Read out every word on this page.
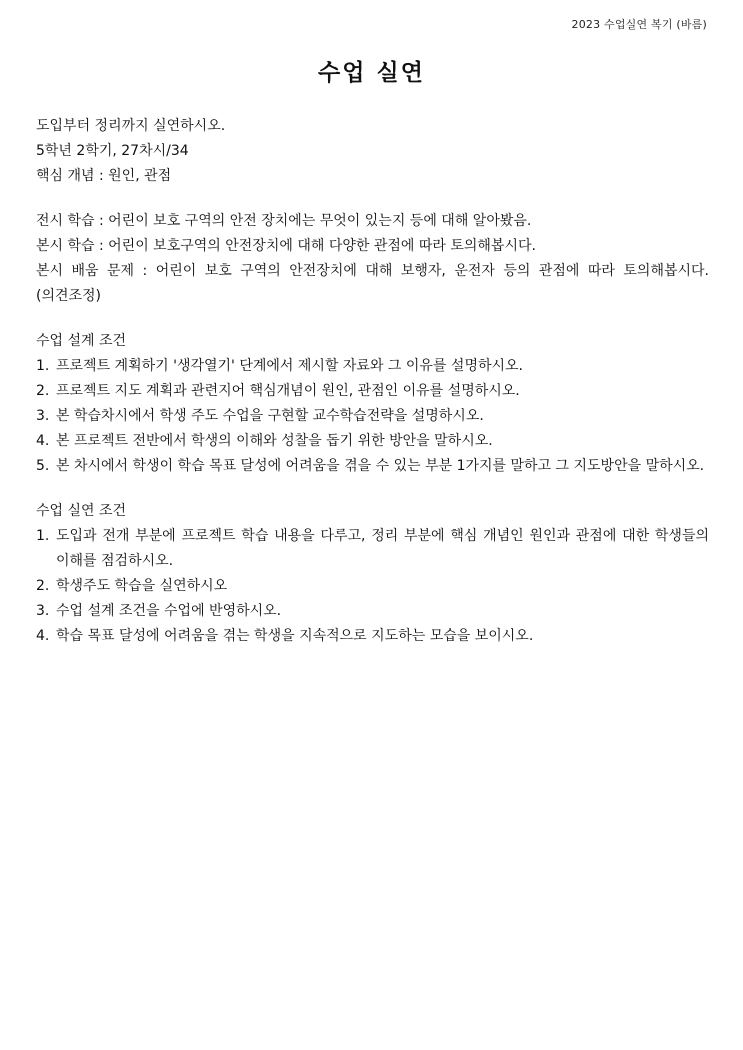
2023 수업실연 복기 (바름)
수업 실연

도입부터 정리까지 실연하시오.

5학년 2학기, 27차시/34

핵심 개념 : 원인, 관점

전시 학습 : 어린이 보호 구역의 안전 장치에는 무엇이 있는지 등에 대해 알아봤음.

본시 학습 : 어린이 보호구역의 안전장치에 대해 다양한 관점에 따라 토의해봅시다.

본시 배움 문제 : 어린이 보호 구역의 안전장치에 대해 보행자, 운전자 등의 관점에 따라 토의해봅시다. (의견조정)

수업 설계 조건

1. 프로젝트 계획하기 '생각열기' 단계에서 제시할 자료와 그 이유를 설명하시오.
2. 프로젝트 지도 계획과 관련지어 핵심개념이 원인, 관점인 이유를 설명하시오.
3. 본 학습차시에서 학생 주도 수업을 구현할 교수학습전략을 설명하시오.
4. 본 프로젝트 전반에서 학생의 이해와 성찰을 돕기 위한 방안을 말하시오.
5. 본 차시에서 학생이 학습 목표 달성에 어려움을 겪을 수 있는 부분 1가지를 말하고 그 지도방안을 말하시오.

수업 실연 조건

1. 도입과 전개 부분에 프로젝트 학습 내용을 다루고, 정리 부분에 핵심 개념인 원인과 관점에 대한 학생들의 이해를 점검하시오.
2. 학생주도 학습을 실연하시오
3. 수업 설계 조건을 수업에 반영하시오.
4. 학습 목표 달성에 어려움을 겪는 학생을 지속적으로 지도하는 모습을 보이시오.
